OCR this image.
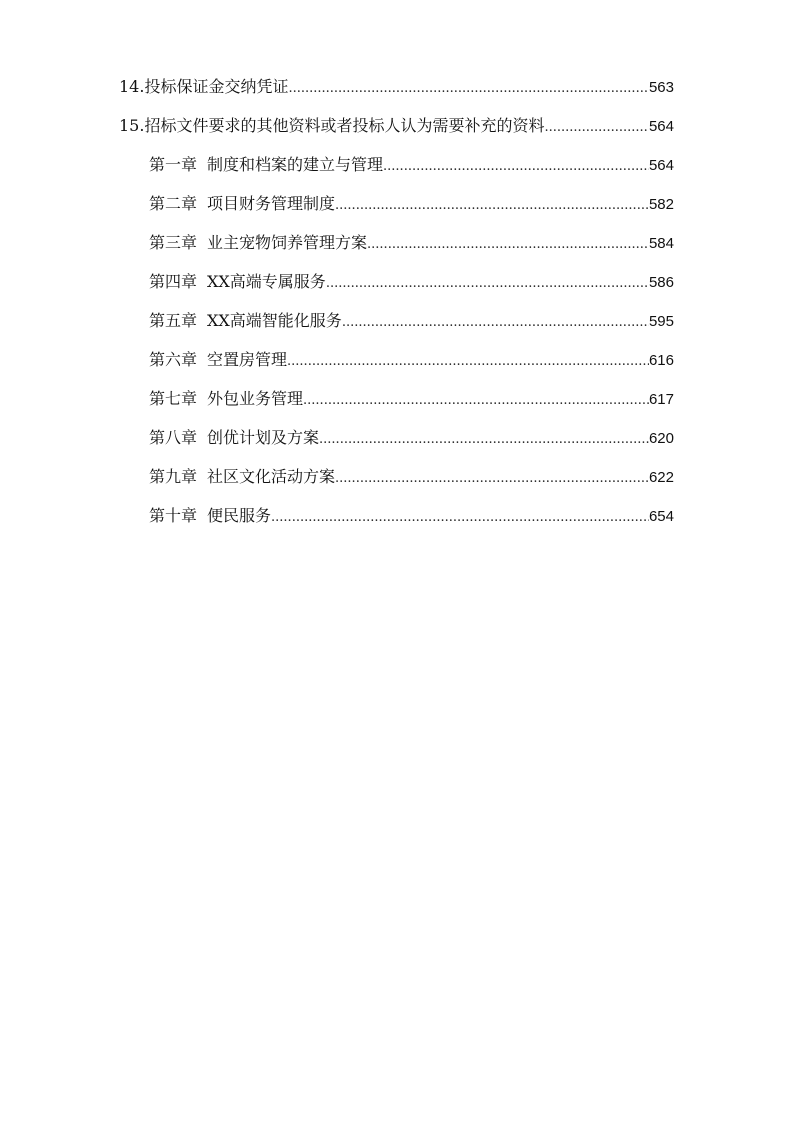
14.投标保证金交纳凭证 .....	563
15.招标文件要求的其他资料或者投标人认为需要补充的资料 .....	564
第一章 制度和档案的建立与管理 .....	564
第二章 项目财务管理制度 .....	582
第三章 业主宠物饲养管理方案 .....	584
第四章 XX高端专属服务 .....	586
第五章 XX高端智能化服务 .....	595
第六章 空置房管理 .....	616
第七章 外包业务管理 .....	617
第八章 创优计划及方案 .....	620
第九章 社区文化活动方案 .....	622
第十章 便民服务 .....	654
